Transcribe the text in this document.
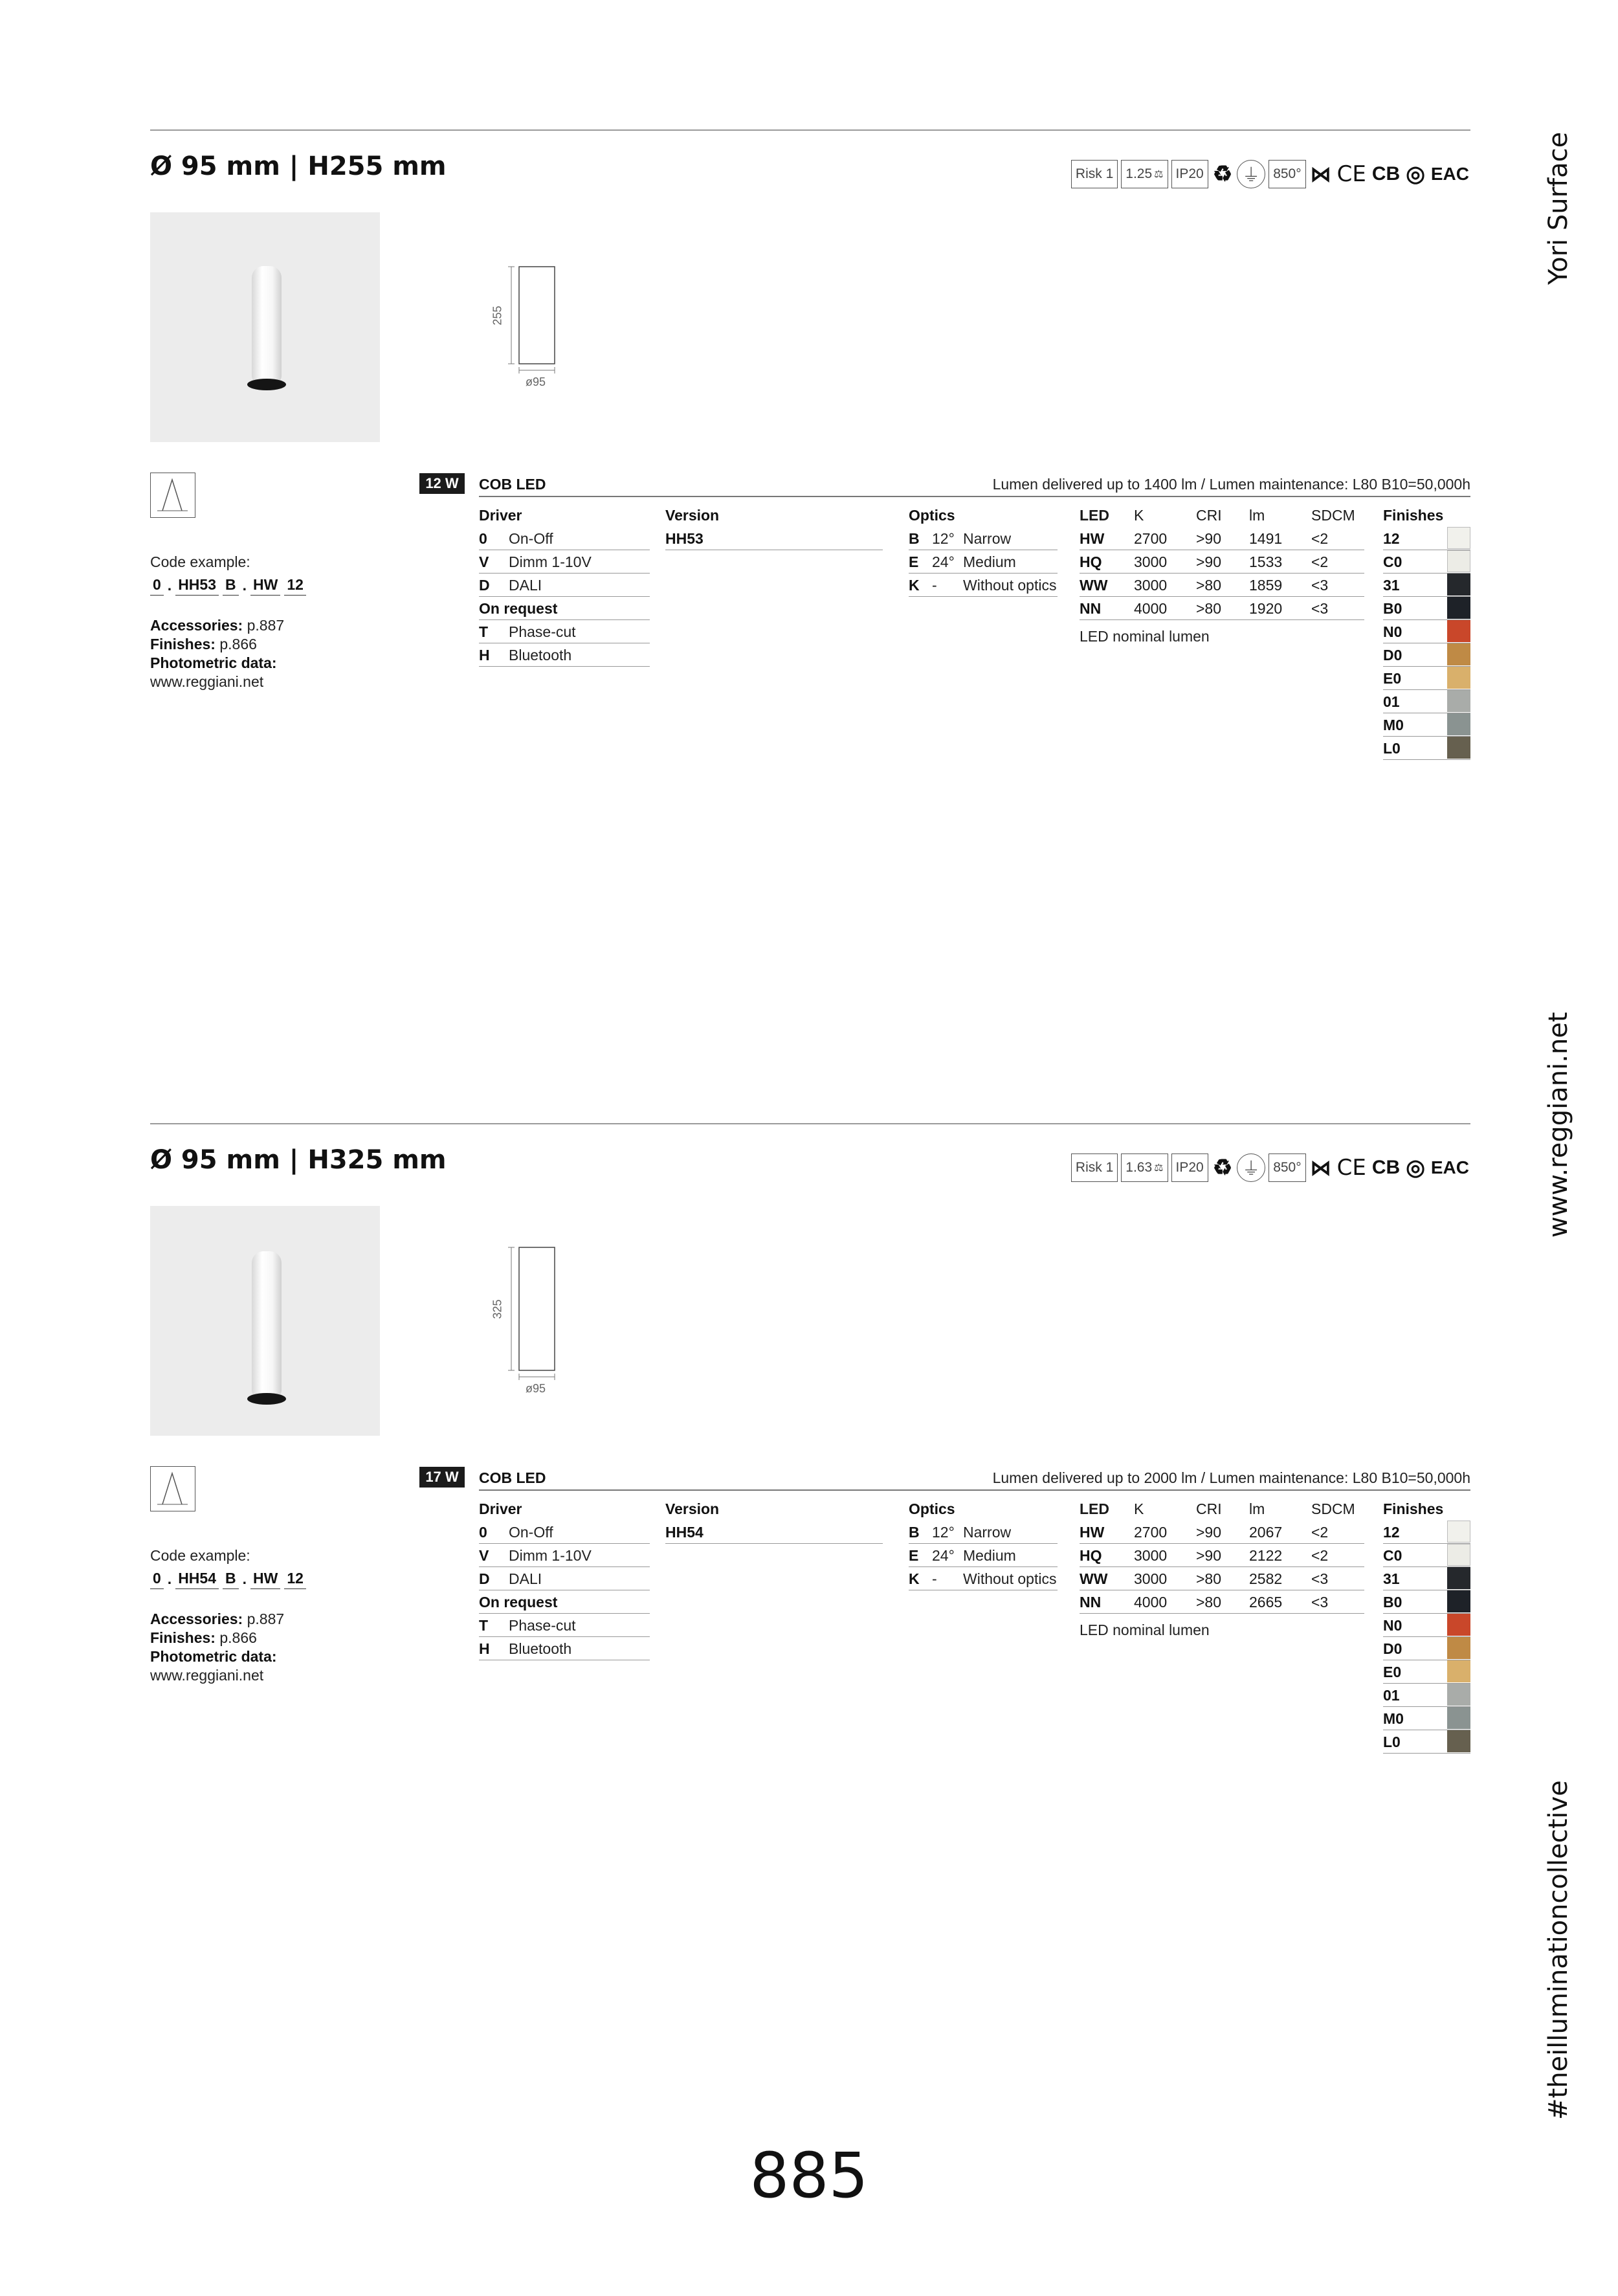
Yori Surface
www.reggiani.net
#theilluminationcollective
Ø 95 mm | H255 mm	Risk 1 1.25 ⚖ IP20 ♻ ⏚ 850° ⋈ CE CB ◎ EAC
255
ø95
Code example:
0 . HH53 B . HW 12
Accessories: p.887
Finishes: p.866
Photometric data:
www.reggiani.net
12 W	COB LED	Lumen delivered up to 1400 lm / Lumen maintenance: L80 B10=50,000h
Driver
0 On-Off
V Dimm 1-10V
D DALI
On request
T Phase-cut
H Bluetooth
Version
HH53
Optics
B 12° Narrow
E 24° Medium
K - Without optics
LED	K	CRI	lm	SDCM
HW	2700	>90	1491	<2
HQ	3000	>90	1533	<2
WW	3000	>80	1859	<3
NN	4000	>80	1920	<3
LED nominal lumen
Finishes
12
C0
31
B0
N0
D0
E0
01
M0
L0
Ø 95 mm | H325 mm	Risk 1 1.63 ⚖ IP20 ♻ ⏚ 850° ⋈ CE CB ◎ EAC
325
ø95
Code example:
0 . HH54 B . HW 12
Accessories: p.887
Finishes: p.866
Photometric data:
www.reggiani.net
17 W	COB LED	Lumen delivered up to 2000 lm / Lumen maintenance: L80 B10=50,000h
Driver
0 On-Off
V Dimm 1-10V
D DALI
On request
T Phase-cut
H Bluetooth
Version
HH54
Optics
B 12° Narrow
E 24° Medium
K - Without optics
LED	K	CRI	lm	SDCM
HW	2700	>90	2067	<2
HQ	3000	>90	2122	<2
WW	3000	>80	2582	<3
NN	4000	>80	2665	<3
LED nominal lumen
Finishes
12
C0
31
B0
N0
D0
E0
01
M0
L0
885
